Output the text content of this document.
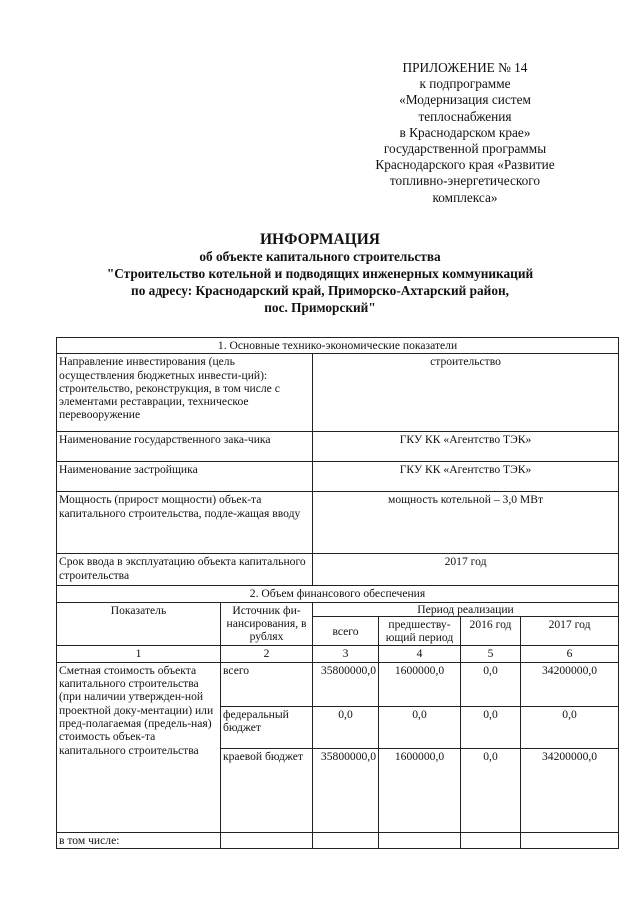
ПРИЛОЖЕНИЕ № 14
к подпрограмме
«Модернизация систем
теплоснабжения
в Краснодарском крае»
государственной программы
Краснодарского края «Развитие
топливно-энергетического
комплекса»
ИНФОРМАЦИЯ
об объекте капитального строительства
"Строительство котельной и подводящих инженерных коммуникаций
по адресу: Краснодарский край, Приморско-Ахтарский район,
пос. Приморский"
1. Основные технико-экономические показатели					
Направление инвестирования (цель осуществления бюджетных инвести-ций): строительство, реконструкция, в том числе с элементами реставрации, техническое перевооружение		строительство			
Наименование государственного зака-чика		ГКУ КК «Агентство ТЭК»			
Наименование застройщика		ГКУ КК «Агентство ТЭК»			
Мощность (прирост мощности) объек-та капитального строительства, подле-жащая вводу		мощность котельной – 3,0 МВт			
Срок ввода в эксплуатацию объекта капитального строительства		2017 год			
2. Объем финансового обеспечения					
Показатель	Источник фи-нансирования, в рублях	Период реализации			
		всего	предшеству-ющий период	2016 год	2017 год
1	2	3	4	5	6
Сметная стоимость объекта капитального строительства (при наличии утвержден-ной проектной доку-ментации) или пред-полагаемая (предель-ная) стоимость объек-та капитального строительства	всего	35800000,0	1600000,0	0,0	34200000,0
	федеральный бюджет	0,0	0,0	0,0	0,0
	краевой бюджет	35800000,0	1600000,0	0,0	34200000,0
в том числе:					
